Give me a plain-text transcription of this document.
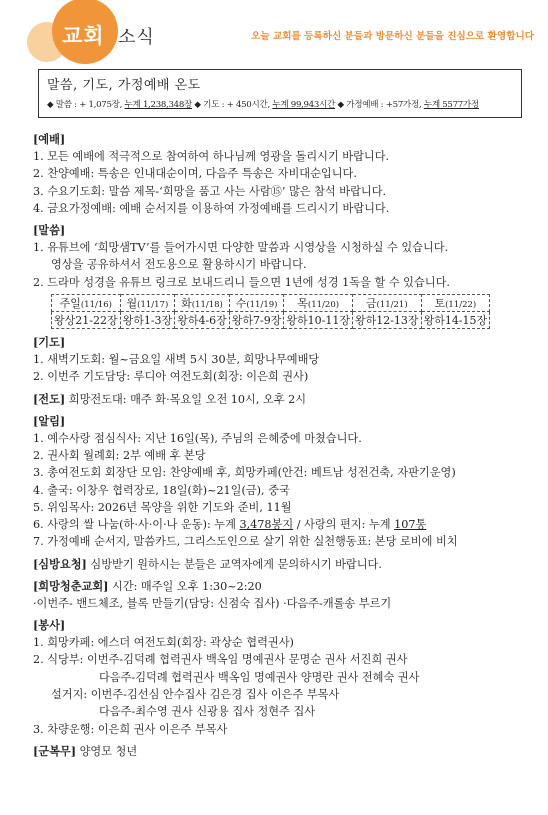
교회 소식	오늘 교회를 등록하신 분들과 방문하신 분들을 진심으로 환영합니다
말씀, 기도, 가정예배 온도
◆ 말씀 : + 1,075장, 누계 1,238,348장 ◆ 기도 : + 450시간, 누계 99,943시간 ◆ 가정예배 : +57가정, 누계 5577가정
[예배]
1. 모든 예배에 적극적으로 참여하여 하나님께 영광을 돌리시기 바랍니다.
2. 찬양예배: 특송은 인내대순이며, 다음주 특송은 자비대순입니다.
3. 수요기도회: 말씀 제목-‘희망을 품고 사는 사람⑮’ 많은 참석 바랍니다.
4. 금요가정예배: 예배 순서지를 이용하여 가정예배를 드리시기 바랍니다.
[말씀]
1. 유튜브에 ‘희망샘TV’를 들어가시면 다양한 말씀과 시영상을 시청하실 수 있습니다.
영상을 공유하셔서 전도용으로 활용하시기 바랍니다.
2. 드라마 성경을 유튜브 링크로 보내드리니 들으면 1년에 성경 1독을 할 수 있습니다.
주일(11/16)	월(11/17)	화(11/18)	수(11/19)	목(11/20)	금(11/21)	토(11/22)
왕상21-22장	왕하1-3장	왕하4-6장	왕하7-9장	왕하10-11장	왕하12-13장	왕하14-15장
[기도]
1. 새벽기도회: 월~금요일 새벽 5시 30분, 희망나무예배당
2. 이번주 기도담당: 루디아 여전도회(회장: 이은희 권사)
[전도] 희망전도대: 매주 화·목요일 오전 10시, 오후 2시
[알림]
1. 예수사랑 점심식사: 지난 16일(목), 주님의 은혜중에 마쳤습니다.
2. 권사회 월례회: 2부 예배 후 본당
3. 총여전도회 회장단 모임: 찬양예배 후, 희망카페(안건: 베트남 성전건축, 자판기운영)
4. 출국: 이창우 협력장로, 18일(화)~21일(금), 중국
5. 위임목사: 2026년 목양을 위한 기도와 준비, 11월
6. 사랑의 쌀 나눔(하·사·이·나 운동): 누계 3,478봉지 / 사랑의 편지: 누계 107통
7. 가정예배 순서지, 말씀카드, 그리스도인으로 살기 위한 실천행동표: 본당 로비에 비치
[심방요청] 심방받기 원하시는 분들은 교역자에게 문의하시기 바랍니다.
[희망청춘교회] 시간: 매주일 오후 1:30~2:20
·이번주- 밴드체조, 블록 만들기(담당: 신점숙 집사) ·다음주-캐롤송 부르기
[봉사]
1. 희망카페: 에스더 여전도회(회장: 곽상순 협력권사)
2. 식당부: 이번주-김덕례 협력권사 백옥임 명예권사 문명순 권사 서진희 권사
다음주-김덕례 협력권사 백옥임 명예권사 양명란 권사 전혜숙 권사
설거지: 이번주-김선심 안수집사 김은경 집사 이은주 부목사
다음주-최수영 권사 신광용 집사 정현주 집사
3. 차량운행: 이은희 권사 이은주 부목사
[군복무] 양영모 청년
